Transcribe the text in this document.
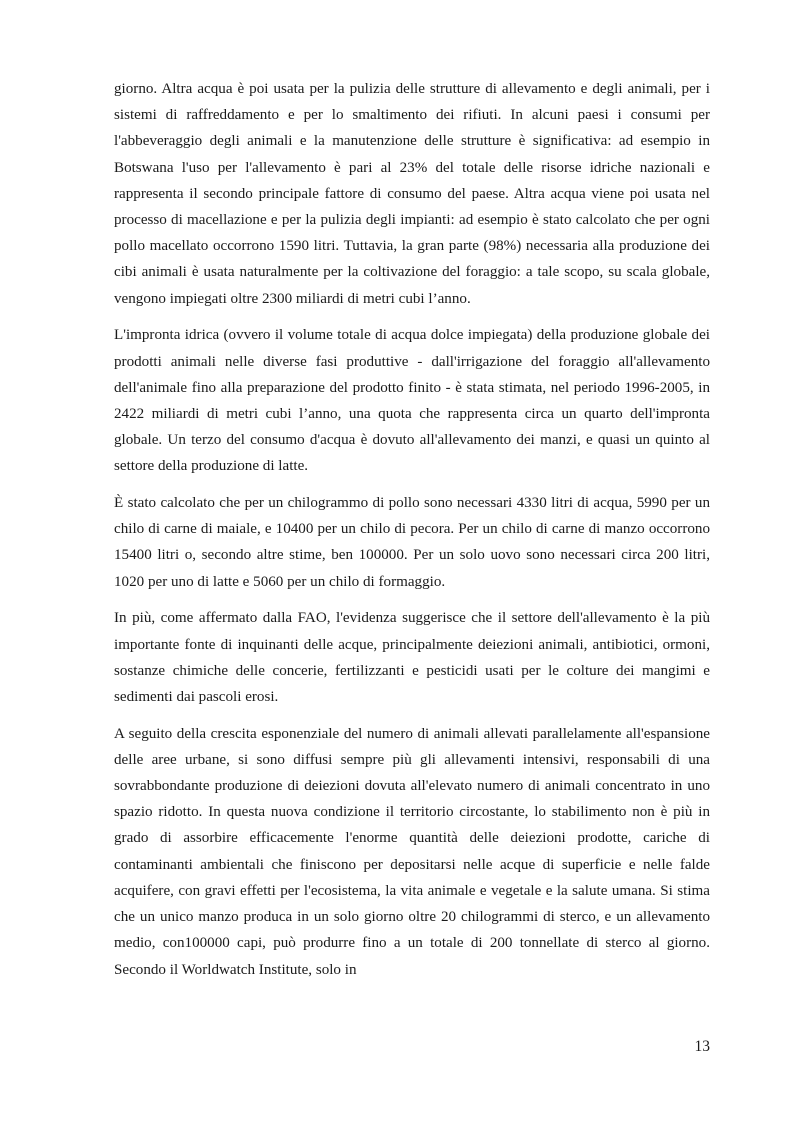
giorno. Altra acqua è poi usata per la pulizia delle strutture di allevamento e degli animali, per i sistemi di raffreddamento e per lo smaltimento dei rifiuti. In alcuni paesi i consumi per l'abbeveraggio degli animali e la manutenzione delle strutture è significativa: ad esempio in Botswana l'uso per l'allevamento è pari al 23% del totale delle risorse idriche nazionali e rappresenta il secondo principale fattore di consumo del paese. Altra acqua viene poi usata nel processo di macellazione e per la pulizia degli impianti: ad esempio è stato calcolato che per ogni pollo macellato occorrono 1590 litri. Tuttavia, la gran parte (98%) necessaria alla produzione dei cibi animali è usata naturalmente per la coltivazione del foraggio: a tale scopo, su scala globale, vengono impiegati oltre 2300 miliardi di metri cubi l’anno.

L'impronta idrica (ovvero il volume totale di acqua dolce impiegata) della produzione globale dei prodotti animali nelle diverse fasi produttive - dall'irrigazione del foraggio all'allevamento dell'animale fino alla preparazione del prodotto finito - è stata stimata, nel periodo 1996-2005, in 2422 miliardi di metri cubi l’anno, una quota che rappresenta circa un quarto dell'impronta globale. Un terzo del consumo d'acqua è dovuto all'allevamento dei manzi, e quasi un quinto al settore della produzione di latte.

È stato calcolato che per un chilogrammo di pollo sono necessari 4330 litri di acqua, 5990 per un chilo di carne di maiale, e 10400 per un chilo di pecora. Per un chilo di carne di manzo occorrono 15400 litri o, secondo altre stime, ben 100000. Per un solo uovo sono necessari circa 200 litri, 1020 per uno di latte e 5060 per un chilo di formaggio.

In più, come affermato dalla FAO, l'evidenza suggerisce che il settore dell'allevamento è la più importante fonte di inquinanti delle acque, principalmente deiezioni animali, antibiotici, ormoni, sostanze chimiche delle concerie, fertilizzanti e pesticidi usati per le colture dei mangimi e sedimenti dai pascoli erosi.

A seguito della crescita esponenziale del numero di animali allevati parallelamente all'espansione delle aree urbane, si sono diffusi sempre più gli allevamenti intensivi, responsabili di una sovrabbondante produzione di deiezioni dovuta all'elevato numero di animali concentrato in uno spazio ridotto. In questa nuova condizione il territorio circostante, lo stabilimento non è più in grado di assorbire efficacemente l'enorme quantità delle deiezioni prodotte, cariche di contaminanti ambientali che finiscono per depositarsi nelle acque di superficie e nelle falde acquifere, con gravi effetti per l'ecosistema, la vita animale e vegetale e la salute umana. Si stima che un unico manzo produca in un solo giorno oltre 20 chilogrammi di sterco, e un allevamento medio, con100000 capi, può produrre fino a un totale di 200 tonnellate di sterco al giorno. Secondo il Worldwatch Institute, solo in

13
